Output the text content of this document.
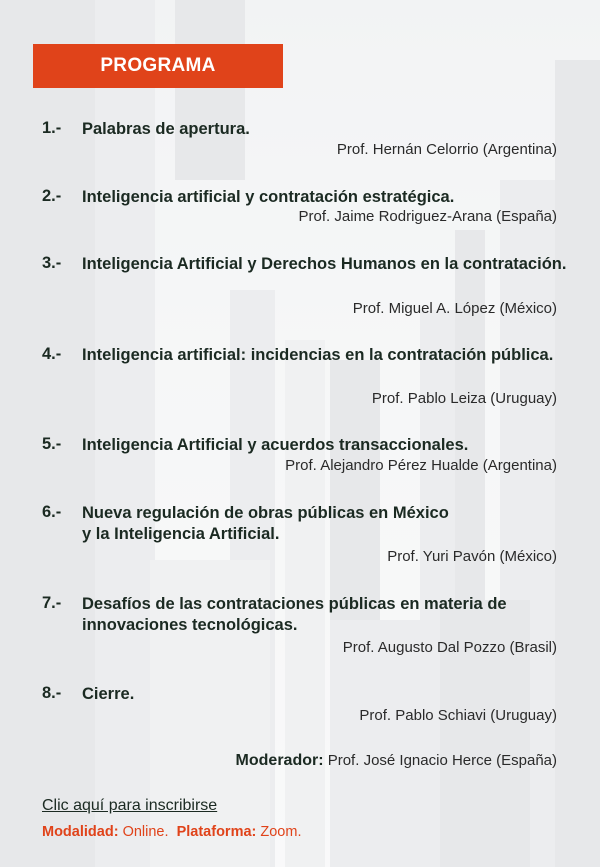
PROGRAMA
1.- Palabras de apertura.
Prof. Hernán Celorrio (Argentina)
2.- Inteligencia artificial y contratación estratégica.
Prof. Jaime Rodriguez-Arana (España)
3.- Inteligencia Artificial y Derechos Humanos en la contratación.
Prof. Miguel A. López (México)
4.- Inteligencia artificial: incidencias en la contratación pública.
Prof. Pablo Leiza (Uruguay)
5.- Inteligencia Artificial y acuerdos transaccionales.
Prof. Alejandro Pérez Hualde (Argentina)
6.- Nueva regulación de obras públicas en México
y la Inteligencia Artificial.
Prof. Yuri Pavón (México)
7.- Desafíos de las contrataciones públicas en materia de innovaciones tecnológicas.
Prof. Augusto Dal Pozzo (Brasil)
8.- Cierre.
Prof. Pablo Schiavi (Uruguay)
Moderador: Prof. José Ignacio Herce (España)
Clic aquí para inscribirse
Modalidad: Online. Plataforma: Zoom.
